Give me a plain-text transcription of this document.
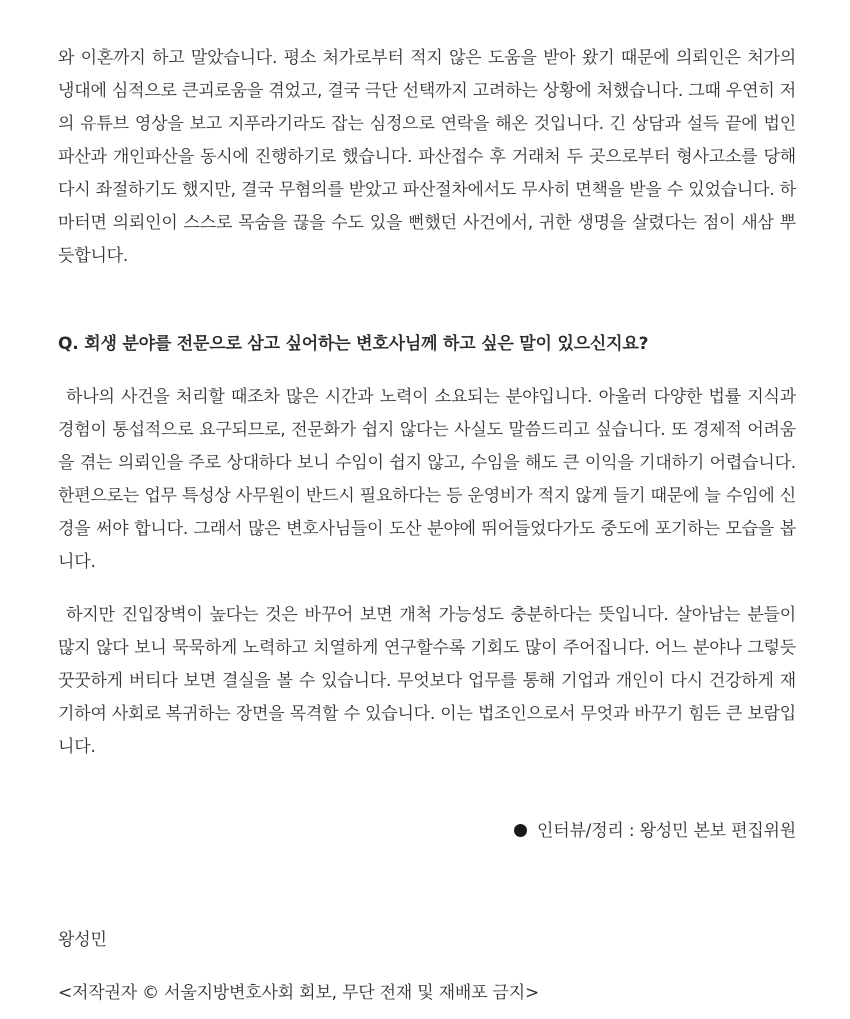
와 이혼까지 하고 말았습니다. 평소 처가로부터 적지 않은 도움을 받아 왔기 때문에 의뢰인은 처가의 냉대에 심적으로 큰괴로움을 겪었고, 결국 극단 선택까지 고려하는 상황에 처했습니다. 그때 우연히 저의 유튜브 영상을 보고 지푸라기라도 잡는 심정으로 연락을 해온 것입니다. 긴 상담과 설득 끝에 법인파산과 개인파산을 동시에 진행하기로 했습니다. 파산접수 후 거래처 두 곳으로부터 형사고소를 당해 다시 좌절하기도 했지만, 결국 무혐의를 받았고 파산절차에서도 무사히 면책을 받을 수 있었습니다. 하마터면 의뢰인이 스스로 목숨을 끊을 수도 있을 뻔했던 사건에서, 귀한 생명을 살렸다는 점이 새삼 뿌듯합니다.

Q. 회생 분야를 전문으로 삼고 싶어하는 변호사님께 하고 싶은 말이 있으신지요?

하나의 사건을 처리할 때조차 많은 시간과 노력이 소요되는 분야입니다. 아울러 다양한 법률 지식과 경험이 통섭적으로 요구되므로, 전문화가 쉽지 않다는 사실도 말씀드리고 싶습니다. 또 경제적 어려움을 겪는 의뢰인을 주로 상대하다 보니 수임이 쉽지 않고, 수임을 해도 큰 이익을 기대하기 어렵습니다. 한편으로는 업무 특성상 사무원이 반드시 필요하다는 등 운영비가 적지 않게 들기 때문에 늘 수임에 신경을 써야 합니다. 그래서 많은 변호사님들이 도산 분야에 뛰어들었다가도 중도에 포기하는 모습을 봅니다.

하지만 진입장벽이 높다는 것은 바꾸어 보면 개척 가능성도 충분하다는 뜻입니다. 살아남는 분들이 많지 않다 보니 묵묵하게 노력하고 치열하게 연구할수록 기회도 많이 주어집니다. 어느 분야나 그렇듯 꿋꿋하게 버티다 보면 결실을 볼 수 있습니다. 무엇보다 업무를 통해 기업과 개인이 다시 건강하게 재기하여 사회로 복귀하는 장면을 목격할 수 있습니다. 이는 법조인으로서 무엇과 바꾸기 힘든 큰 보람입니다.

인터뷰/정리 : 왕성민 본보 편집위원
왕성민
<저작권자 © 서울지방변호사회 회보, 무단 전재 및 재배포 금지>
